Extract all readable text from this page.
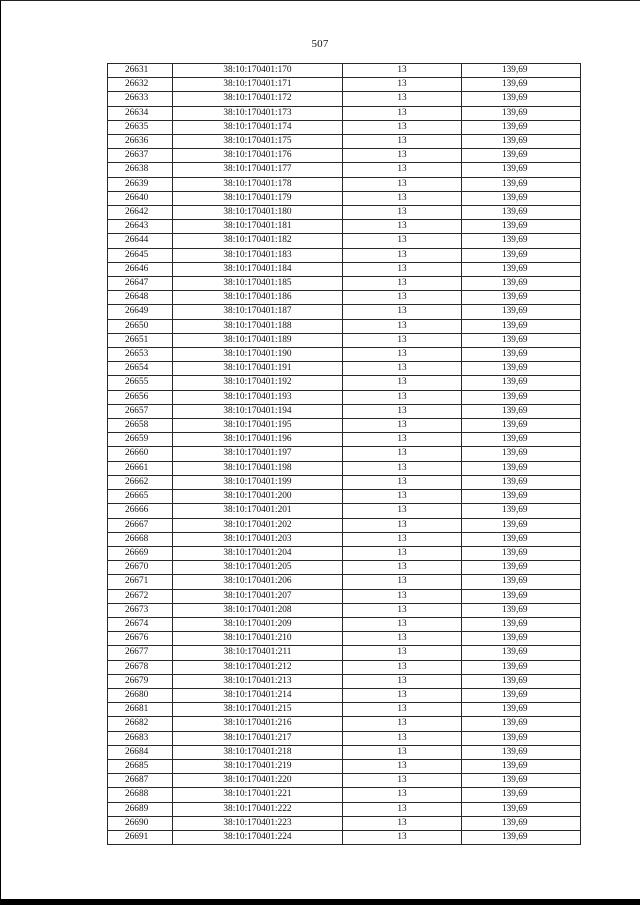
507
26631	38:10:170401:170	13	139,69
26632	38:10:170401:171	13	139,69
26633	38:10:170401:172	13	139,69
26634	38:10:170401:173	13	139,69
26635	38:10:170401:174	13	139,69
26636	38:10:170401:175	13	139,69
26637	38:10:170401:176	13	139,69
26638	38:10:170401:177	13	139,69
26639	38:10:170401:178	13	139,69
26640	38:10:170401:179	13	139,69
26642	38:10:170401:180	13	139,69
26643	38:10:170401:181	13	139,69
26644	38:10:170401:182	13	139,69
26645	38:10:170401:183	13	139,69
26646	38:10:170401:184	13	139,69
26647	38:10:170401:185	13	139,69
26648	38:10:170401:186	13	139,69
26649	38:10:170401:187	13	139,69
26650	38:10:170401:188	13	139,69
26651	38:10:170401:189	13	139,69
26653	38:10:170401:190	13	139,69
26654	38:10:170401:191	13	139,69
26655	38:10:170401:192	13	139,69
26656	38:10:170401:193	13	139,69
26657	38:10:170401:194	13	139,69
26658	38:10:170401:195	13	139,69
26659	38:10:170401:196	13	139,69
26660	38:10:170401:197	13	139,69
26661	38:10:170401:198	13	139,69
26662	38:10:170401:199	13	139,69
26665	38:10:170401:200	13	139,69
26666	38:10:170401:201	13	139,69
26667	38:10:170401:202	13	139,69
26668	38:10:170401:203	13	139,69
26669	38:10:170401:204	13	139,69
26670	38:10:170401:205	13	139,69
26671	38:10:170401:206	13	139,69
26672	38:10:170401:207	13	139,69
26673	38:10:170401:208	13	139,69
26674	38:10:170401:209	13	139,69
26676	38:10:170401:210	13	139,69
26677	38:10:170401:211	13	139,69
26678	38:10:170401:212	13	139,69
26679	38:10:170401:213	13	139,69
26680	38:10:170401:214	13	139,69
26681	38:10:170401:215	13	139,69
26682	38:10:170401:216	13	139,69
26683	38:10:170401:217	13	139,69
26684	38:10:170401:218	13	139,69
26685	38:10:170401:219	13	139,69
26687	38:10:170401:220	13	139,69
26688	38:10:170401:221	13	139,69
26689	38:10:170401:222	13	139,69
26690	38:10:170401:223	13	139,69
26691	38:10:170401:224	13	139,69
